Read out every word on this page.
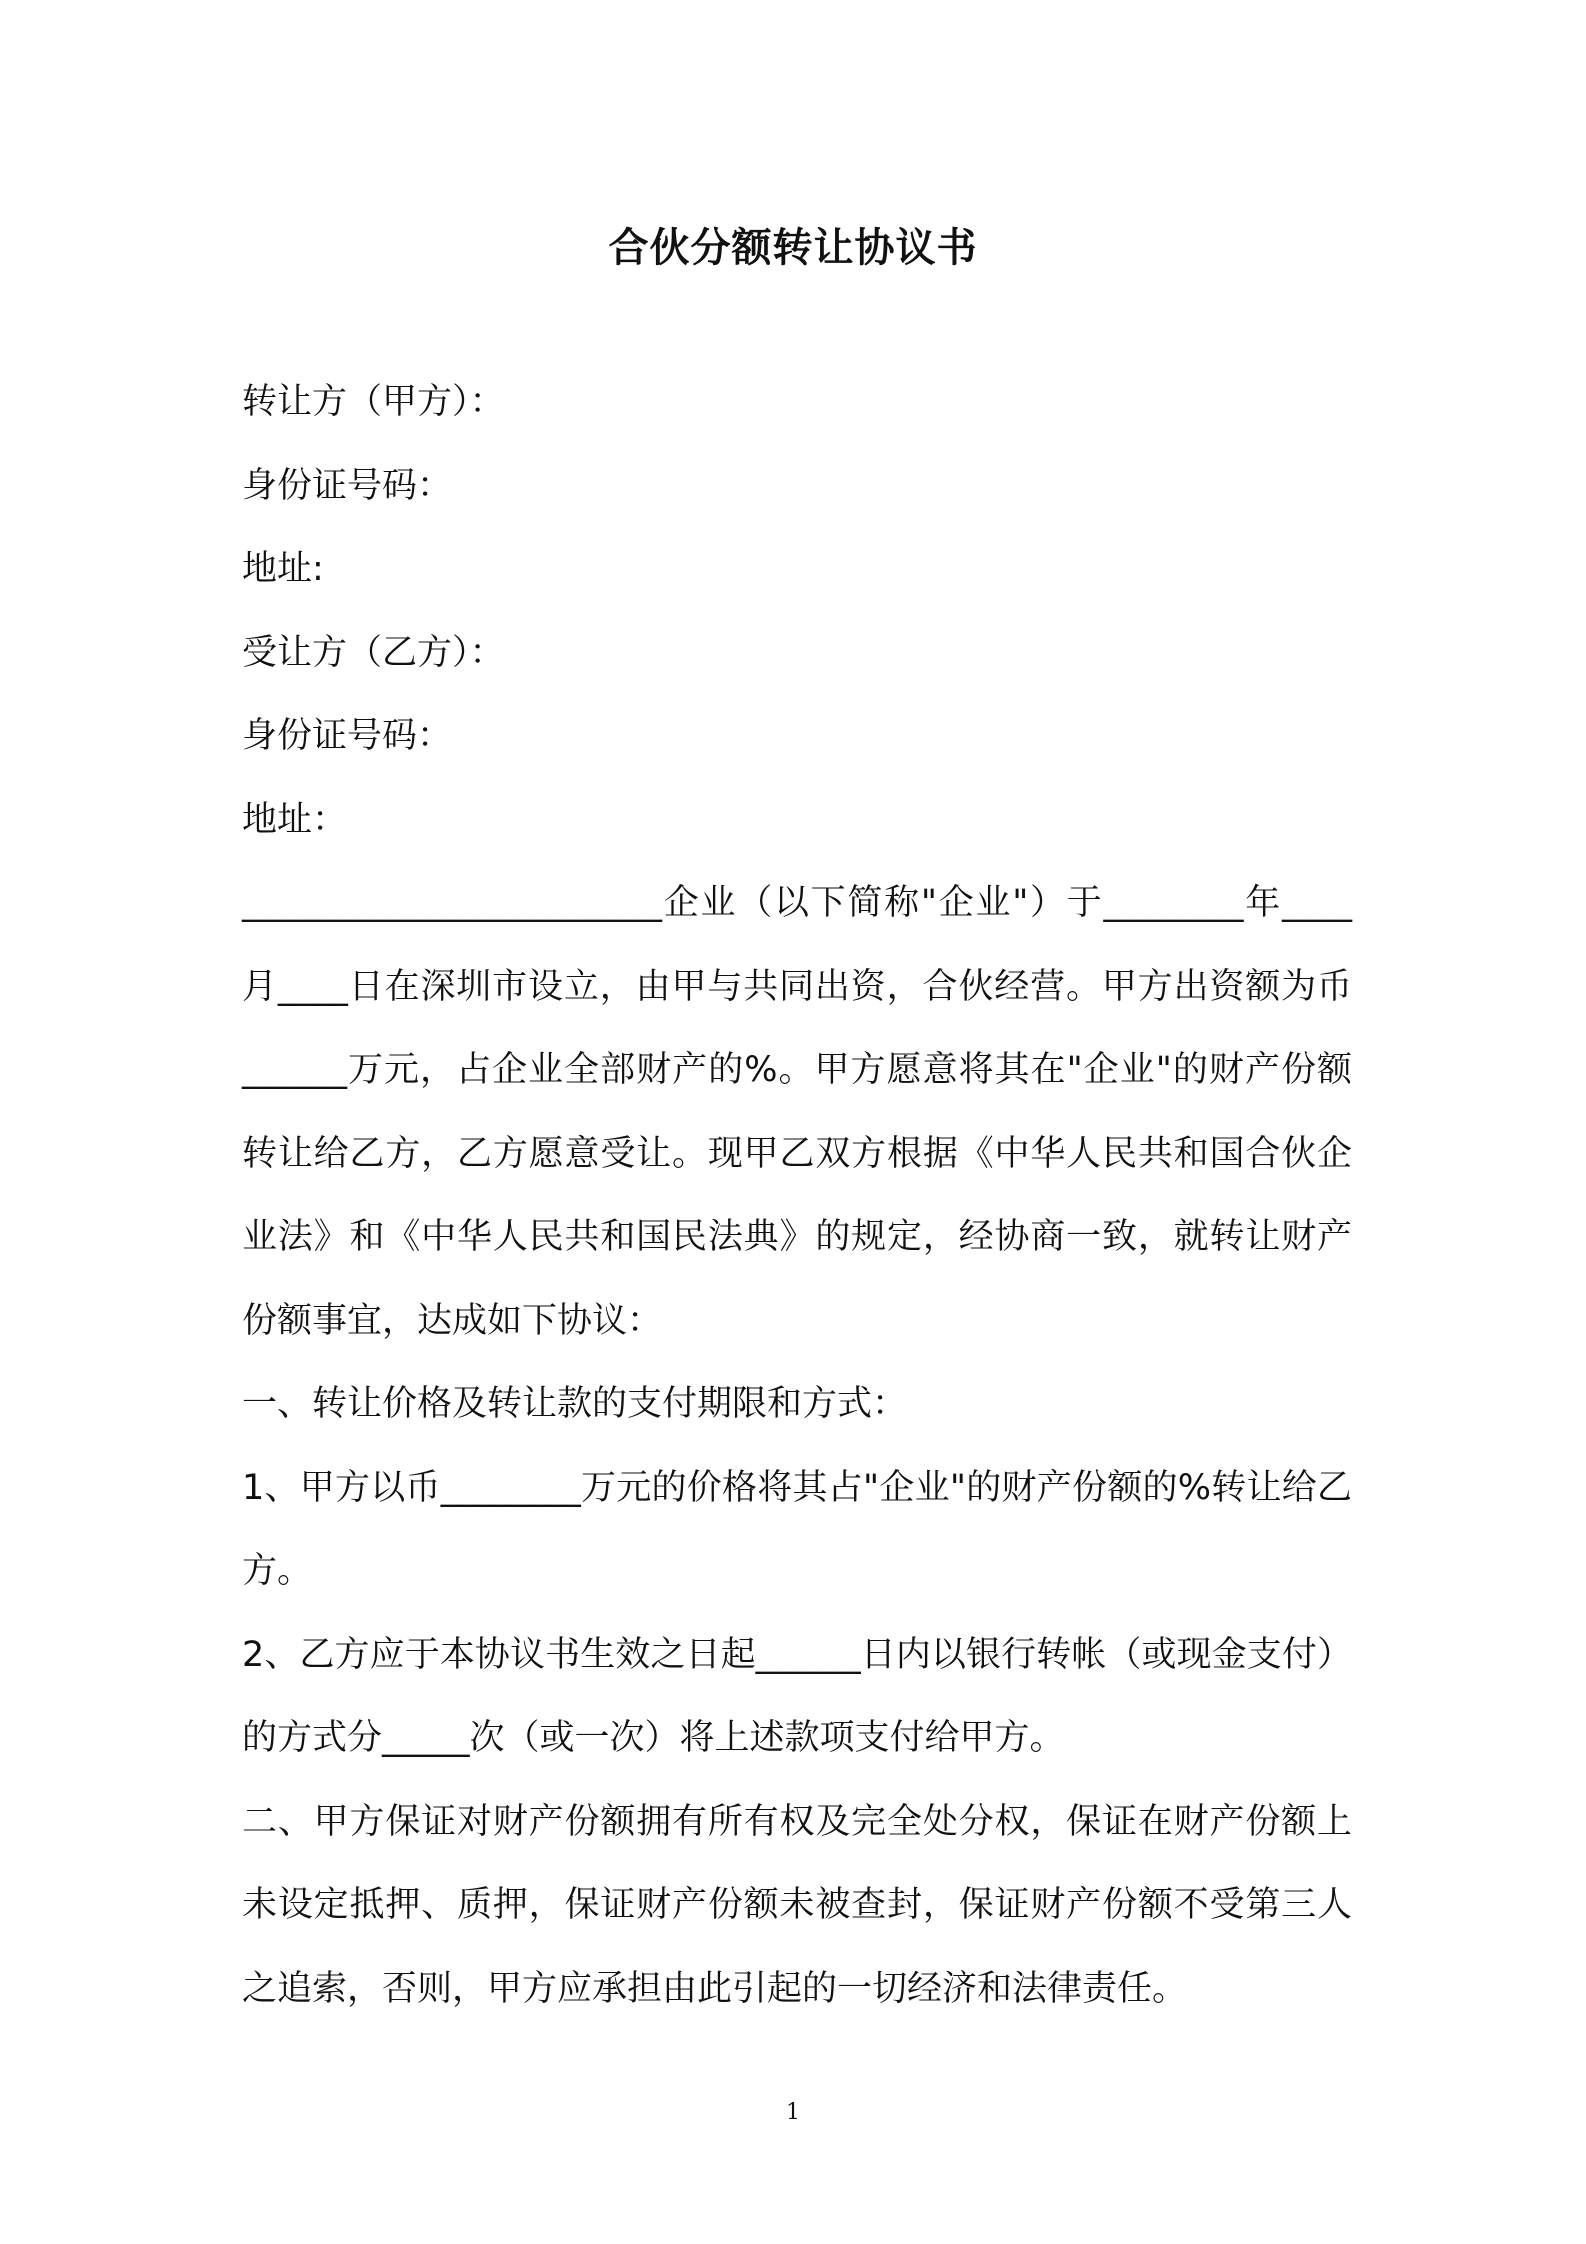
合伙分额转让协议书
转让方（甲方）：
身份证号码：
地址:
受让方（乙方）：
身份证号码：
地址：
________________________企业（以下简称"企业"）于________年____月____日在深圳市设立，由甲与共同出资，合伙经营。甲方出资额为币______万元，占企业全部财产的%。甲方愿意将其在"企业"的财产份额转让给乙方，乙方愿意受让。现甲乙双方根据《中华人民共和国合伙企业法》和《中华人民共和国民法典》的规定，经协商一致，就转让财产份额事宜，达成如下协议：
一、转让价格及转让款的支付期限和方式：
1、甲方以币________万元的价格将其占"企业"的财产份额的%转让给乙方。
2、乙方应于本协议书生效之日起______日内以银行转帐（或现金支付）的方式分_____次（或一次）将上述款项支付给甲方。
二、甲方保证对财产份额拥有所有权及完全处分权，保证在财产份额上未设定抵押、质押，保证财产份额未被查封，保证财产份额不受第三人之追索，否则，甲方应承担由此引起的一切经济和法律责任。
1
